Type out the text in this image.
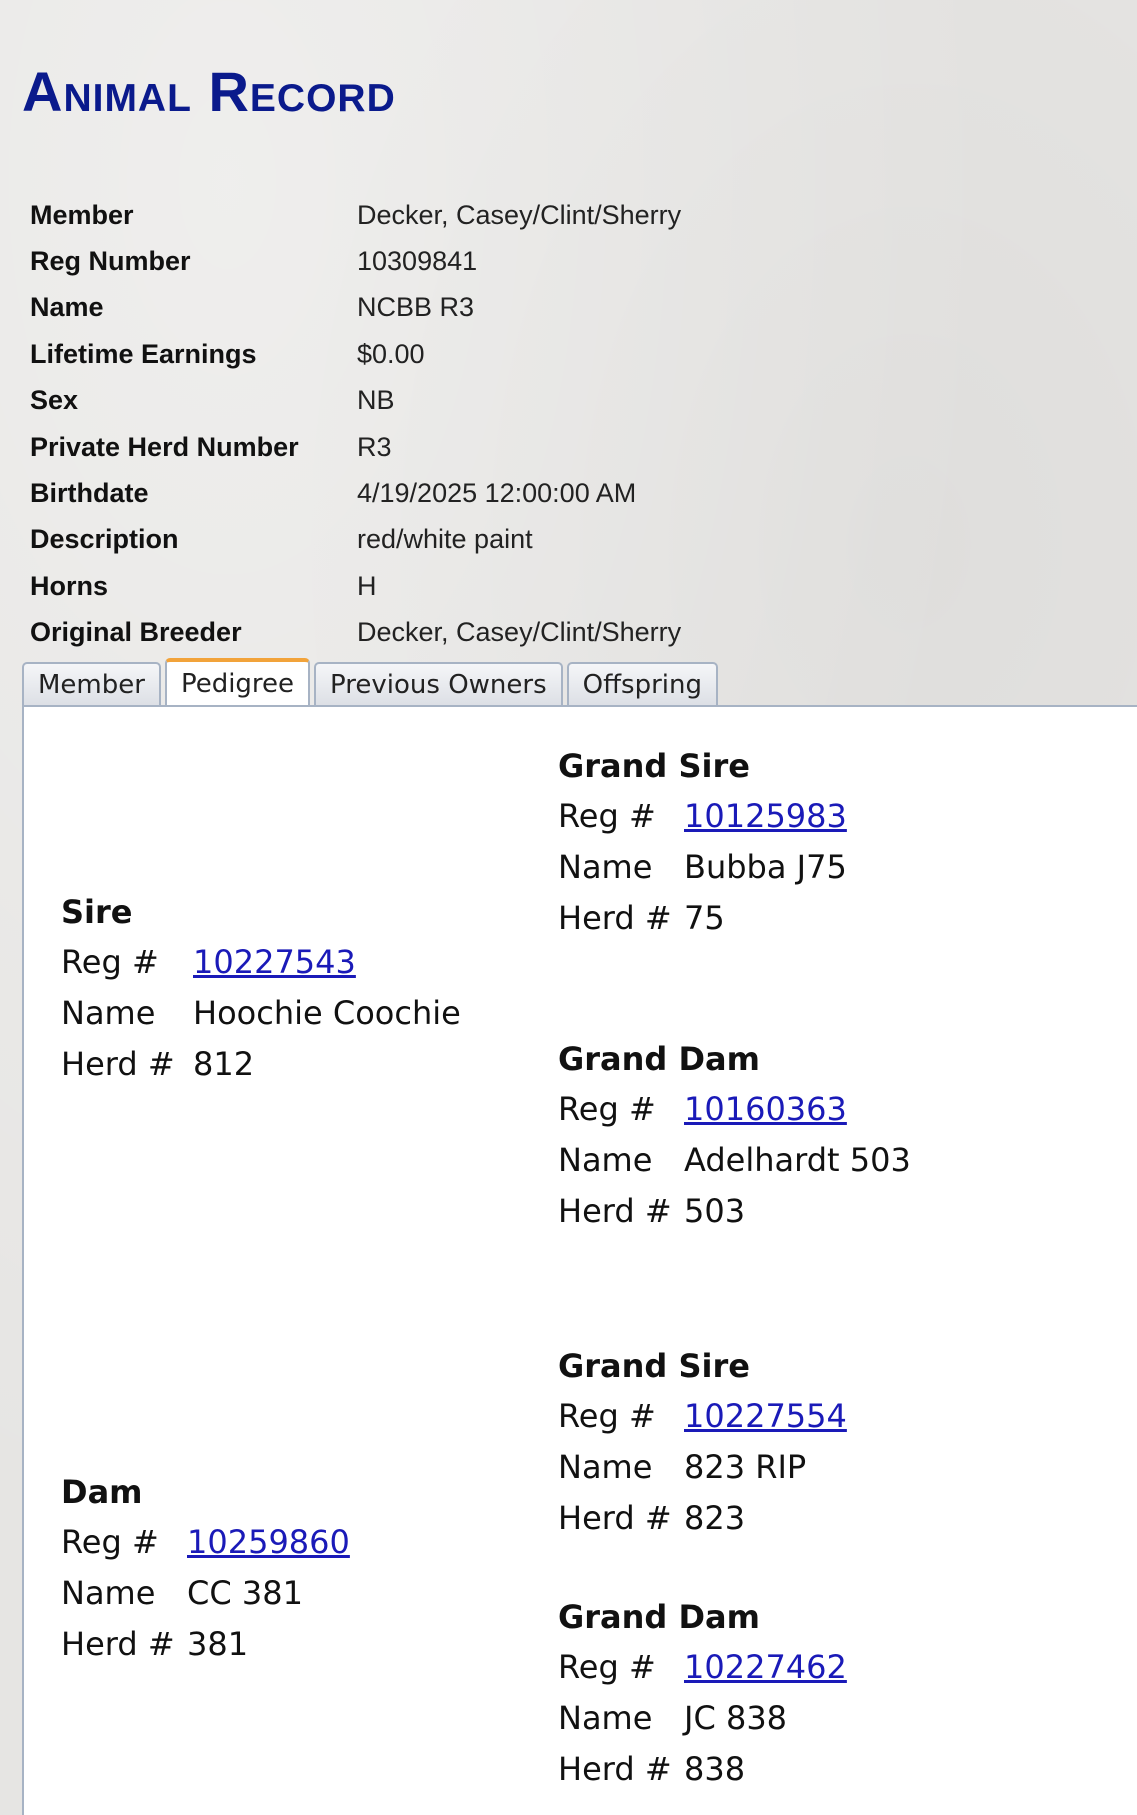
Animal Record
Member	Decker, Casey/Clint/Sherry
Reg Number	10309841
Name	NCBB R3
Lifetime Earnings	$0.00
Sex	NB
Private Herd Number	R3
Birthdate	4/19/2025 12:00:00 AM
Description	red/white paint
Horns	H
Original Breeder	Decker, Casey/Clint/Sherry
Member	Pedigree	Previous Owners	Offspring
Sire
Reg # 10227543
Name Hoochie Coochie
Herd # 812
Dam
Reg # 10259860
Name CC 381
Herd # 381
Grand Sire
Reg # 10125983
Name Bubba J75
Herd # 75
Grand Dam
Reg # 10160363
Name Adelhardt 503
Herd # 503
Grand Sire
Reg # 10227554
Name 823 RIP
Herd # 823
Grand Dam
Reg # 10227462
Name JC 838
Herd # 838
